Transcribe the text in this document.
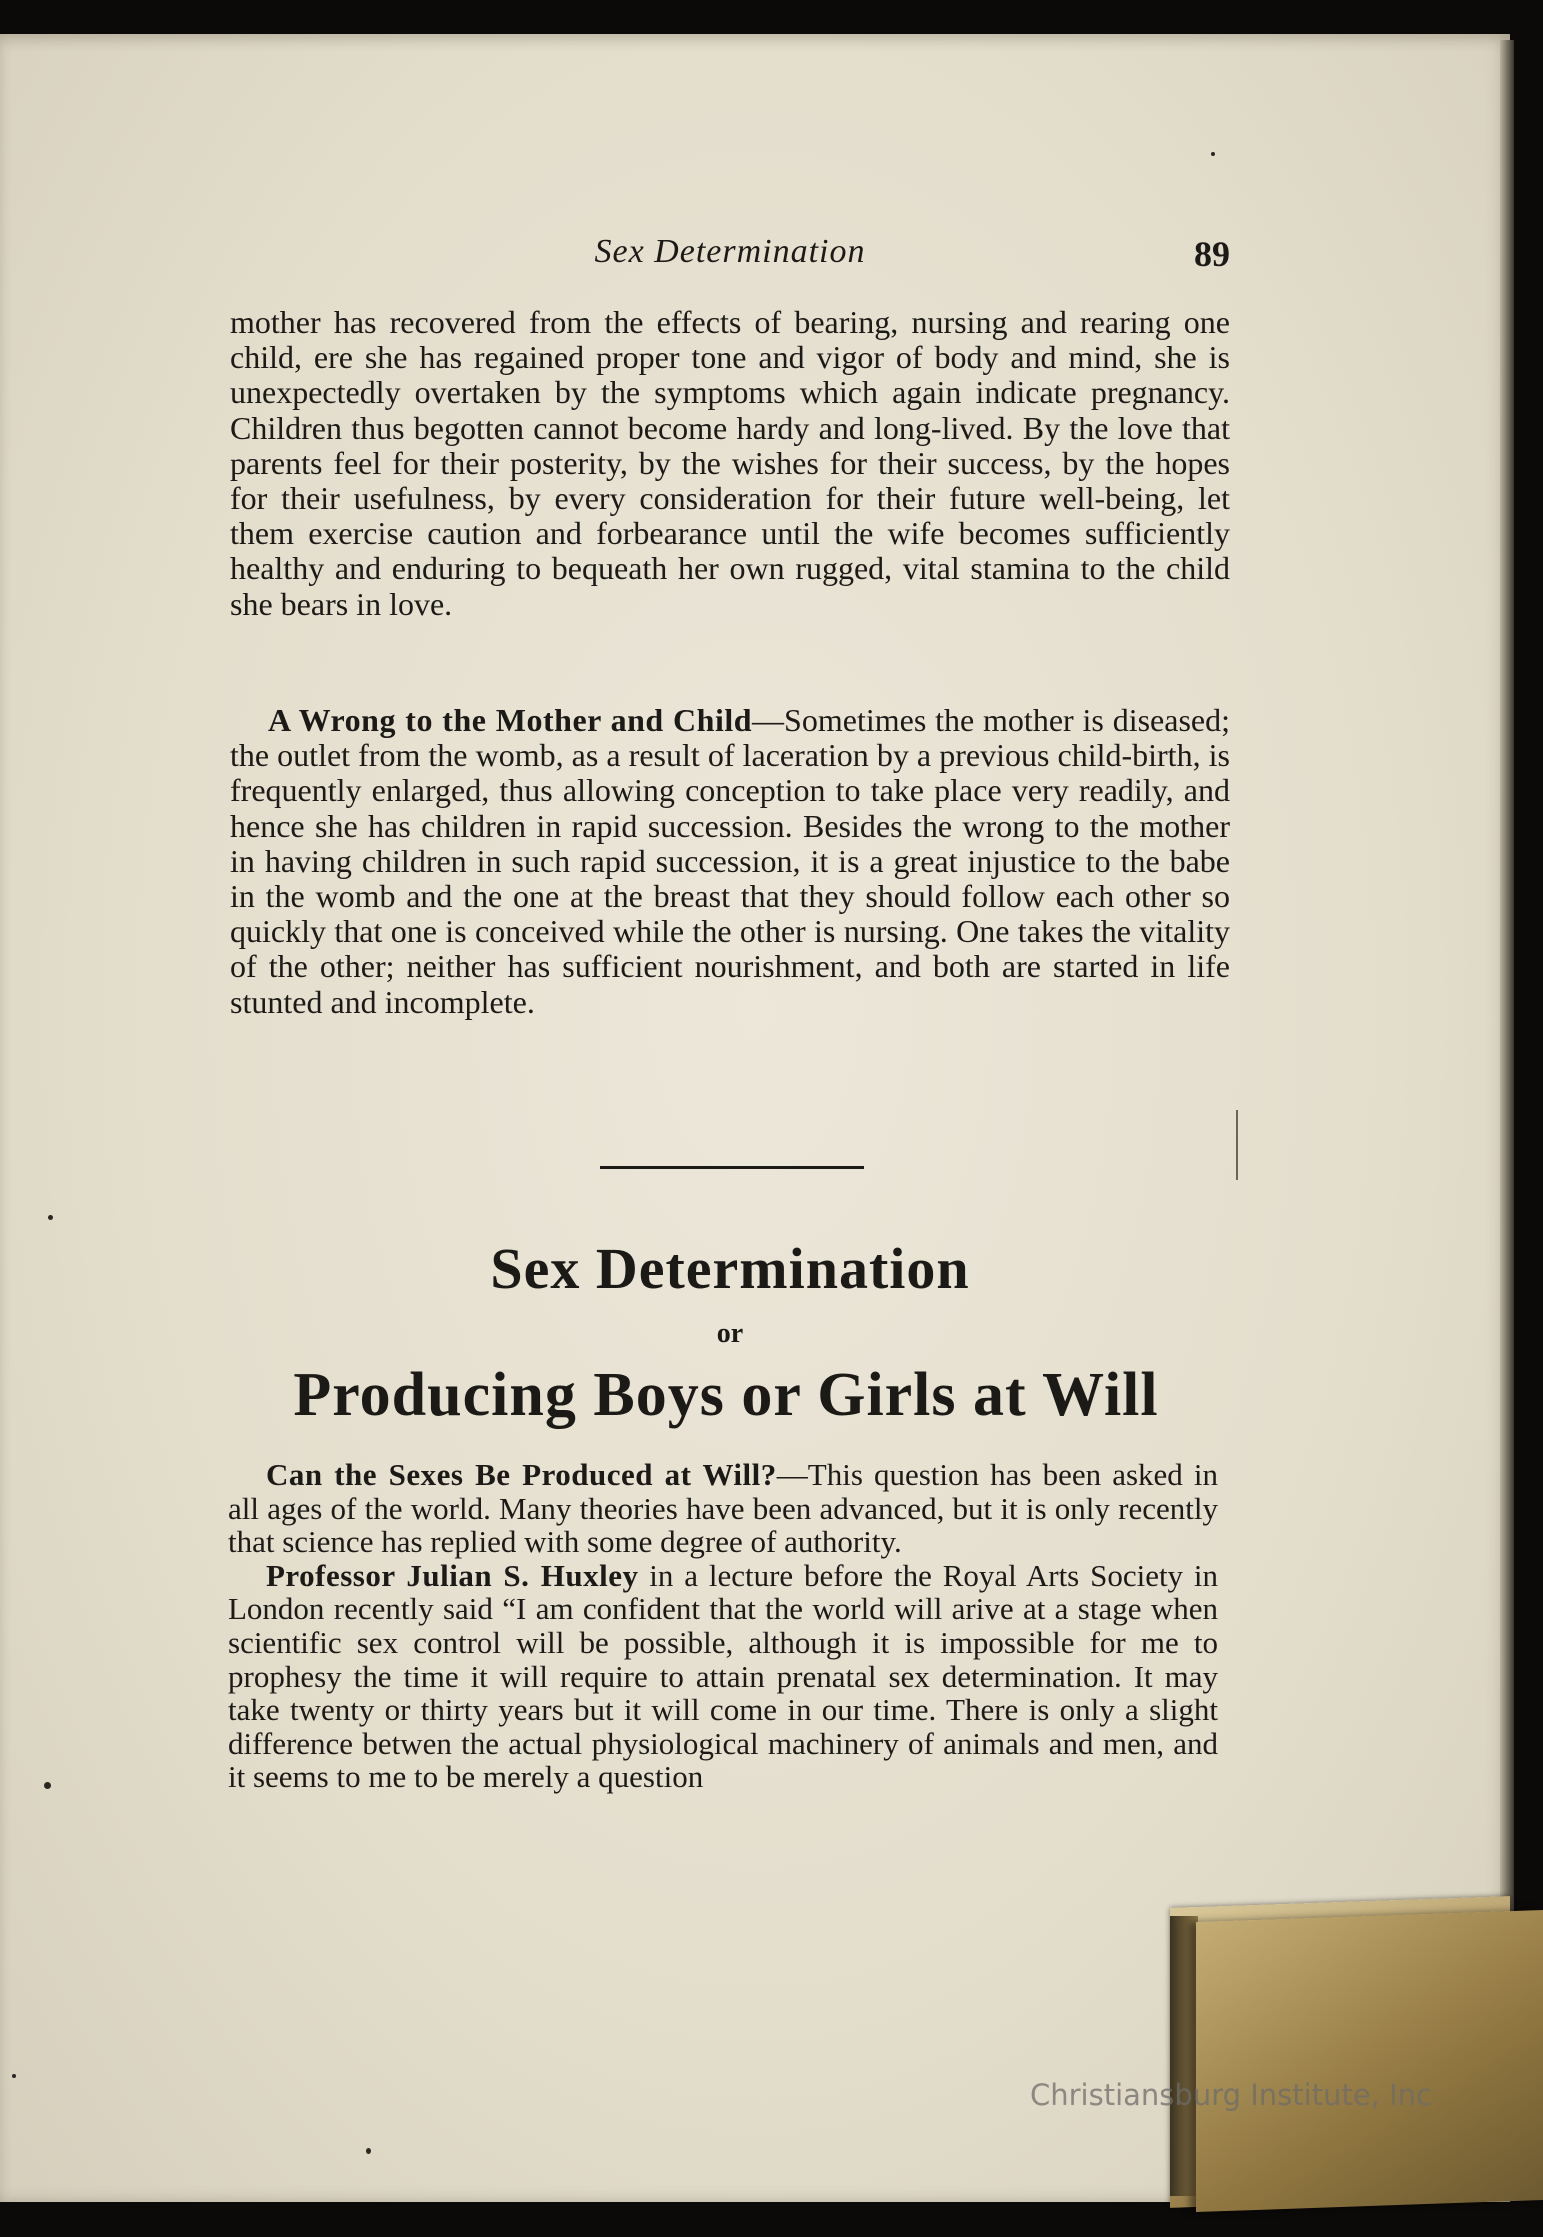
Sex Determination	89

mother has recovered from the effects of bearing, nursing and rearing one child, ere she has regained proper tone and vigor of body and mind, she is unexpectedly overtaken by the symptoms which again indicate pregnancy. Children thus begotten cannot become hardy and long-lived. By the love that parents feel for their posterity, by the wishes for their success, by the hopes for their usefulness, by every consideration for their future well-being, let them exercise caution and forbearance until the wife becomes sufficiently healthy and enduring to bequeath her own rugged, vital stamina to the child she bears in love.

A Wrong to the Mother and Child—Sometimes the mother is diseased; the outlet from the womb, as a result of laceration by a previous child-birth, is frequently enlarged, thus allowing conception to take place very readily, and hence she has children in rapid succession. Besides the wrong to the mother in having children in such rapid succession, it is a great injustice to the babe in the womb and the one at the breast that they should follow each other so quickly that one is conceived while the other is nursing. One takes the vitality of the other; neither has sufficient nourishment, and both are started in life stunted and incomplete.

Sex Determination
or
Producing Boys or Girls at Will

Can the Sexes Be Produced at Will?—This question has been asked in all ages of the world. Many theories have been advanced, but it is only recently that science has replied with some degree of authority.

Professor Julian S. Huxley in a lecture before the Royal Arts Society in London recently said “I am confident that the world will arive at a stage when scientific sex control will be possible, although it is impossible for me to prophesy the time it will require to attain prenatal sex determination. It may take twenty or thirty years but it will come in our time. There is only a slight difference betwen the actual physiological machinery of animals and men, and it seems to me to be merely a question

Christiansburg Institute, Inc
